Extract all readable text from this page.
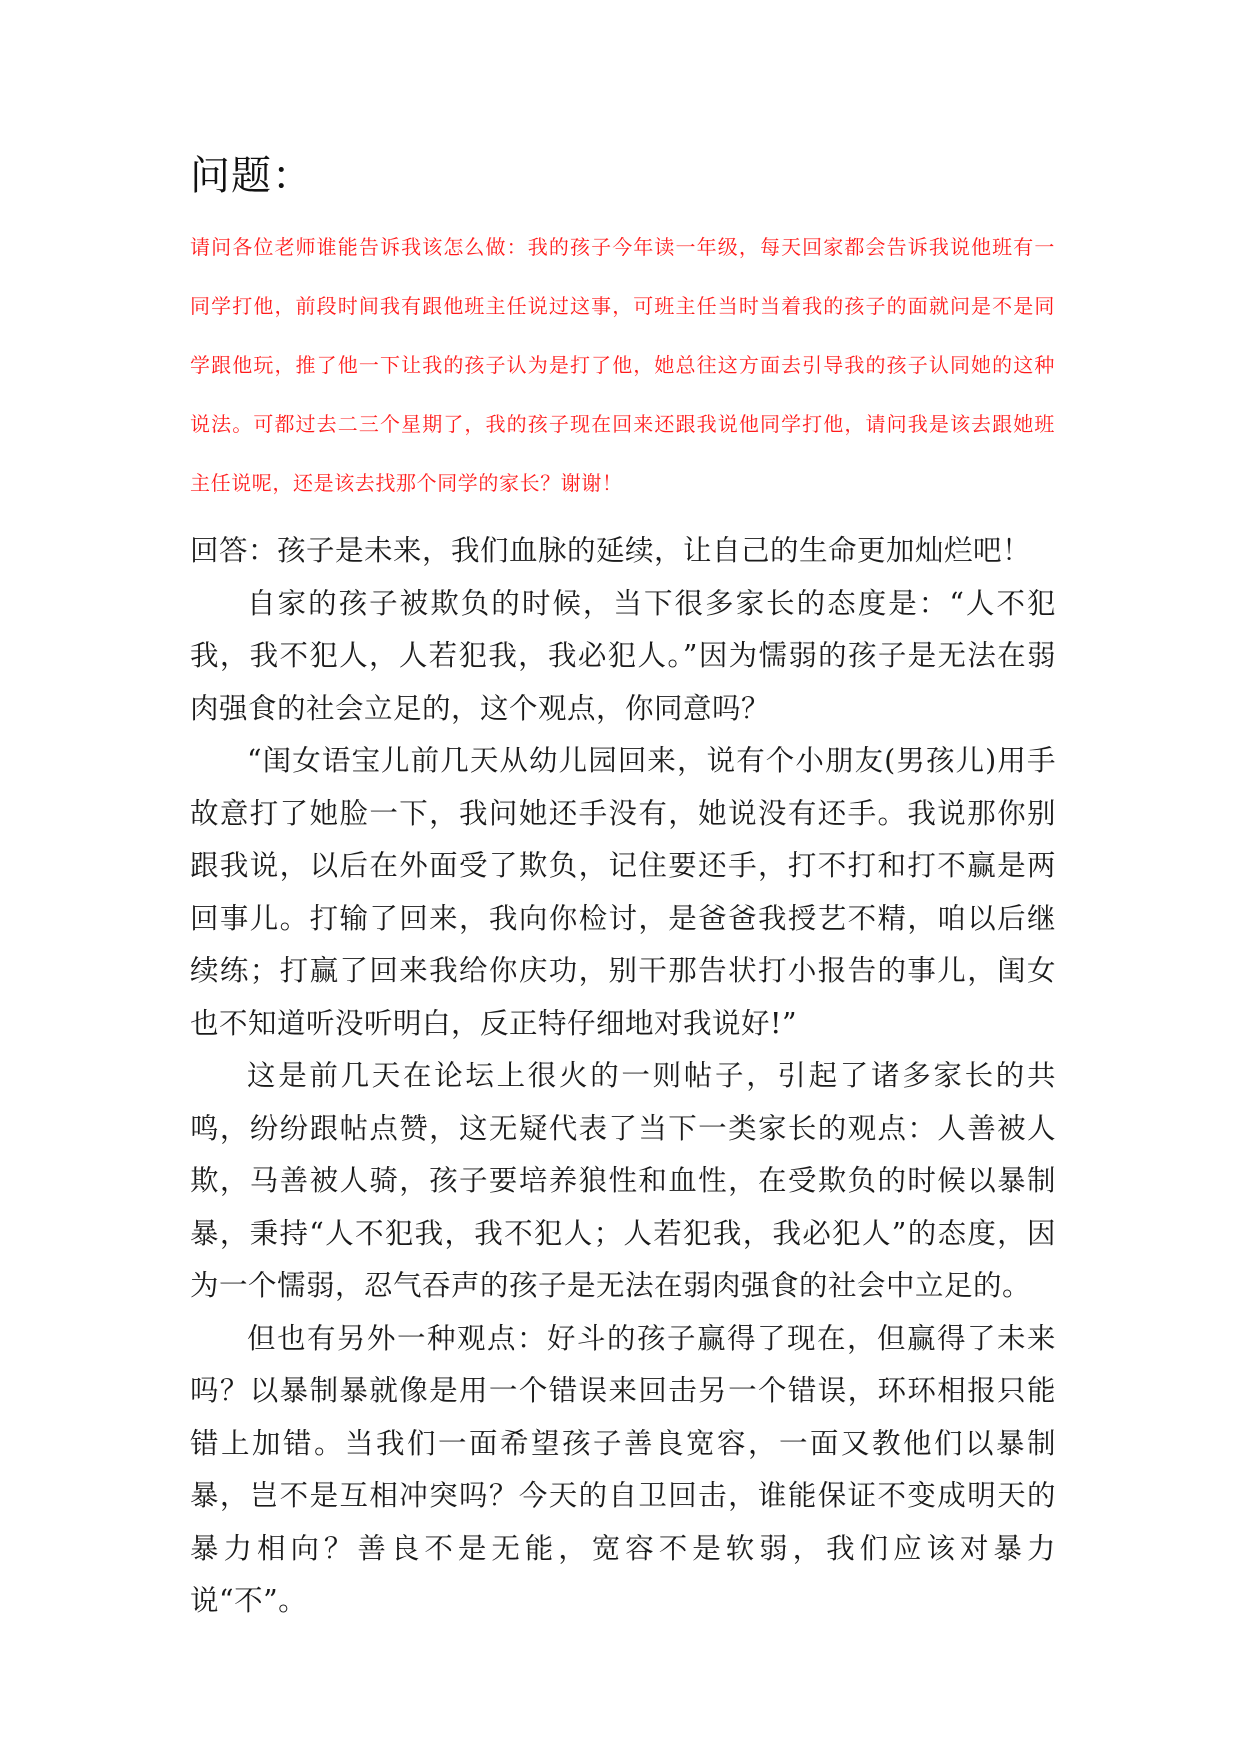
问题：
请问各位老师谁能告诉我该怎么做：我的孩子今年读一年级，每天回家都会告诉我说他班有一同学打他，前段时间我有跟他班主任说过这事，可班主任当时当着我的孩子的面就问是不是同学跟他玩，推了他一下让我的孩子认为是打了他，她总往这方面去引导我的孩子认同她的这种说法。可都过去二三个星期了，我的孩子现在回来还跟我说他同学打他，请问我是该去跟她班主任说呢，还是该去找那个同学的家长？谢谢！

回答：孩子是未来，我们血脉的延续，让自己的生命更加灿烂吧！

自家的孩子被欺负的时候，当下很多家长的态度是：“人不犯我，我不犯人，人若犯我，我必犯人。”因为懦弱的孩子是无法在弱肉强食的社会立足的，这个观点，你同意吗？

“闺女语宝儿前几天从幼儿园回来，说有个小朋友(男孩儿)用手故意打了她脸一下，我问她还手没有，她说没有还手。我说那你别跟我说，以后在外面受了欺负，记住要还手，打不打和打不赢是两回事儿。打输了回来，我向你检讨，是爸爸我授艺不精，咱以后继续练；打赢了回来我给你庆功，别干那告状打小报告的事儿，闺女也不知道听没听明白，反正特仔细地对我说好!”

这是前几天在论坛上很火的一则帖子，引起了诸多家长的共鸣，纷纷跟帖点赞，这无疑代表了当下一类家长的观点：人善被人欺，马善被人骑，孩子要培养狼性和血性，在受欺负的时候以暴制暴，秉持“人不犯我，我不犯人；人若犯我，我必犯人”的态度，因为一个懦弱，忍气吞声的孩子是无法在弱肉强食的社会中立足的。

但也有另外一种观点：好斗的孩子赢得了现在，但赢得了未来吗？以暴制暴就像是用一个错误来回击另一个错误，环环相报只能错上加错。当我们一面希望孩子善良宽容，一面又教他们以暴制暴，岂不是互相冲突吗？今天的自卫回击，谁能保证不变成明天的暴力相向？善良不是无能，宽容不是软弱，我们应该对暴力说“不”。
